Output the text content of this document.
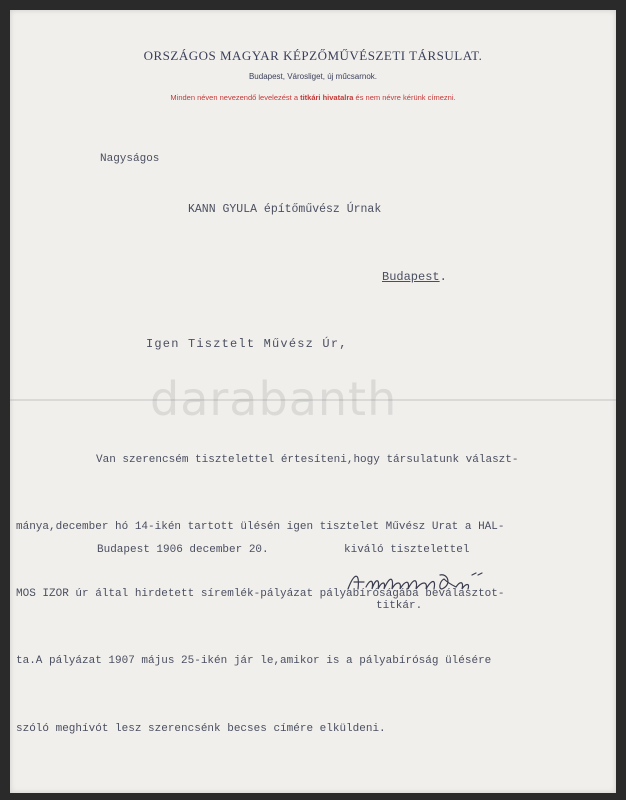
ORSZÁGOS MAGYAR KÉPZŐMŰVÉSZETI TÁRSULAT.
Budapest, Városliget, új műcsarnok.
Minden néven nevezendő levelezést a titkári hivatalra és nem névre kérünk címezni.
Nagyságos
KANN GYULA építőművész Úrnak
Budapest.
Igen Tisztelt Művész Úr,

Van szerencsém tisztelettel értesíteni,hogy társulatunk választ-

mánya,december hó 14-ikén tartott ülésén igen tisztelet Művész Urat a HAL-

MOS IZOR úr által hirdetett síremlék-pályázat pályabíróságába beválasztot-

ta.A pályázat 1907 május 25-ikén jár le,amikor is a pályabíróság ülésére

szóló meghívót lesz szerencsénk becses címére elküldeni.

Budapest 1906 december 20.	kiváló tisztelettel
titkár.
darabanth
